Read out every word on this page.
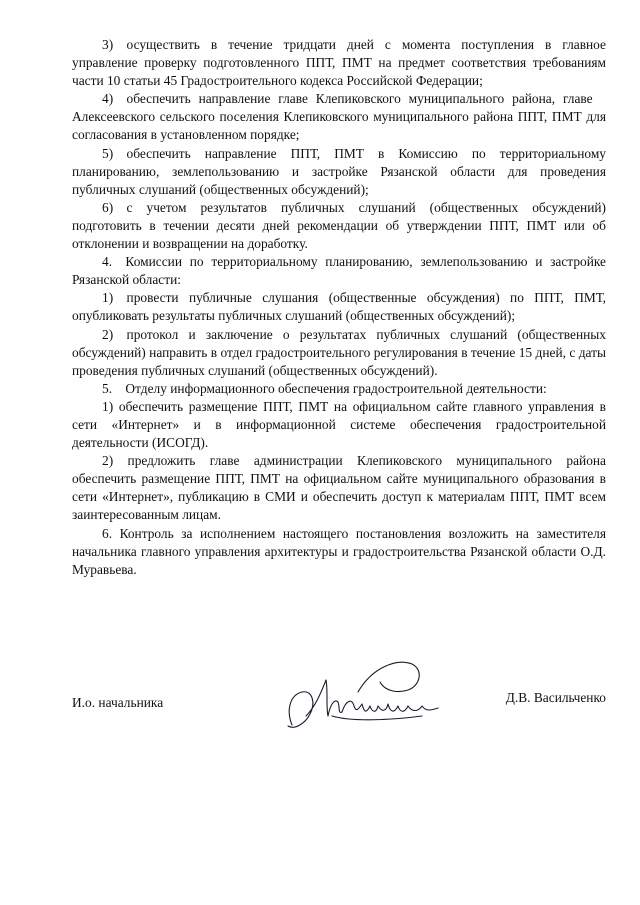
3) осуществить в течение тридцати дней с момента поступления в главное управление проверку подготовленного ППТ, ПМТ на предмет соответствия требованиям части 10 статьи 45 Градостроительного кодекса Российской Федерации;

4) обеспечить направление главе Клепиковского муниципального района, главе Алексеевского сельского поселения Клепиковского муниципального района ППТ, ПМТ для согласования в установленном порядке;

5) обеспечить направление ППТ, ПМТ в Комиссию по территориальному планированию, землепользованию и застройке Рязанской области для проведения публичных слушаний (общественных обсуждений);

6) с учетом результатов публичных слушаний (общественных обсуждений) подготовить в течении десяти дней рекомендации об утверждении ППТ, ПМТ или об отклонении и возвращении на доработку.

4. Комиссии по территориальному планированию, землепользованию и застройке Рязанской области:

1) провести публичные слушания (общественные обсуждения) по ППТ, ПМТ, опубликовать результаты публичных слушаний (общественных обсуждений);

2) протокол и заключение о результатах публичных слушаний (общественных обсуждений) направить в отдел градостроительного регулирования в течение 15 дней, с даты проведения публичных слушаний (общественных обсуждений).

5. Отделу информационного обеспечения градостроительной деятельности:

1) обеспечить размещение ППТ, ПМТ на официальном сайте главного управления в сети «Интернет» и в информационной системе обеспечения градостроительной деятельности (ИСОГД).

2) предложить главе администрации Клепиковского муниципального района обеспечить размещение ППТ, ПМТ на официальном сайте муниципального образования в сети «Интернет», публикацию в СМИ и обеспечить доступ к материалам ППТ, ПМТ всем заинтересованным лицам.

6. Контроль за исполнением настоящего постановления возложить на заместителя начальника главного управления архитектуры и градостроительства Рязанской области О.Д. Муравьева.

И.о. начальника	Д.В. Васильченко
